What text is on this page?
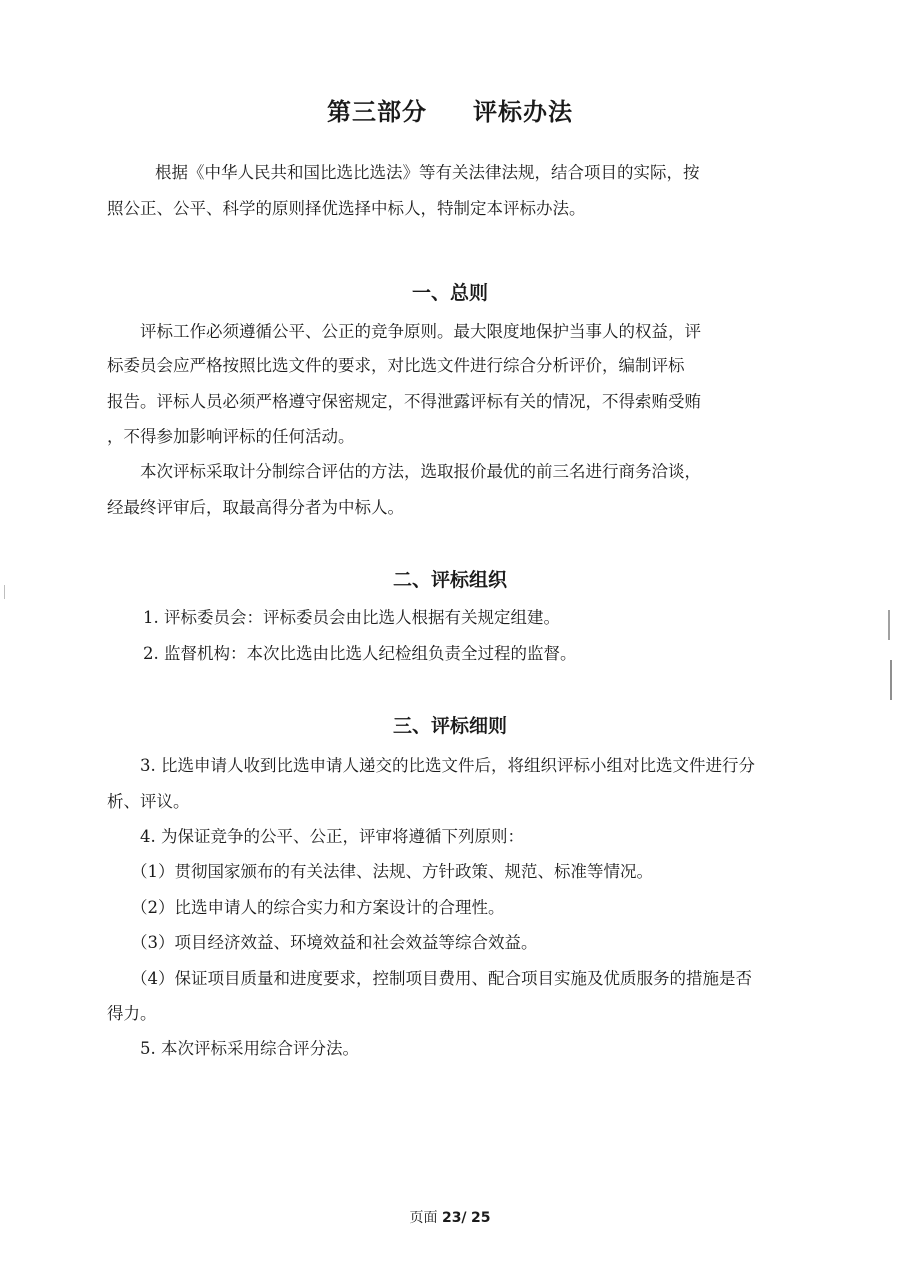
第三部分 评标办法
根据《中华人民共和国比选比选法》等有关法律法规，结合项目的实际，按
照公正、公平、科学的原则择优选择中标人，特制定本评标办法。
一、总则
评标工作必须遵循公平、公正的竞争原则。最大限度地保护当事人的权益，评
标委员会应严格按照比选文件的要求，对比选文件进行综合分析评价，编制评标
报告。评标人员必须严格遵守保密规定，不得泄露评标有关的情况，不得索贿受贿
，不得参加影响评标的任何活动。
本次评标采取计分制综合评估的方法，选取报价最优的前三名进行商务洽谈，
经最终评审后，取最高得分者为中标人。
二、评标组织
1. 评标委员会：评标委员会由比选人根据有关规定组建。
2. 监督机构：本次比选由比选人纪检组负责全过程的监督。
三、评标细则
3. 比选申请人收到比选申请人递交的比选文件后，将组织评标小组对比选文件进行分
析、评议。
4. 为保证竞争的公平、公正，评审将遵循下列原则：
（1）贯彻国家颁布的有关法律、法规、方针政策、规范、标准等情况。
（2）比选申请人的综合实力和方案设计的合理性。
（3）项目经济效益、环境效益和社会效益等综合效益。
（4）保证项目质量和进度要求，控制项目费用、配合项目实施及优质服务的措施是否
得力。
5. 本次评标采用综合评分法。
页面 23/ 25
